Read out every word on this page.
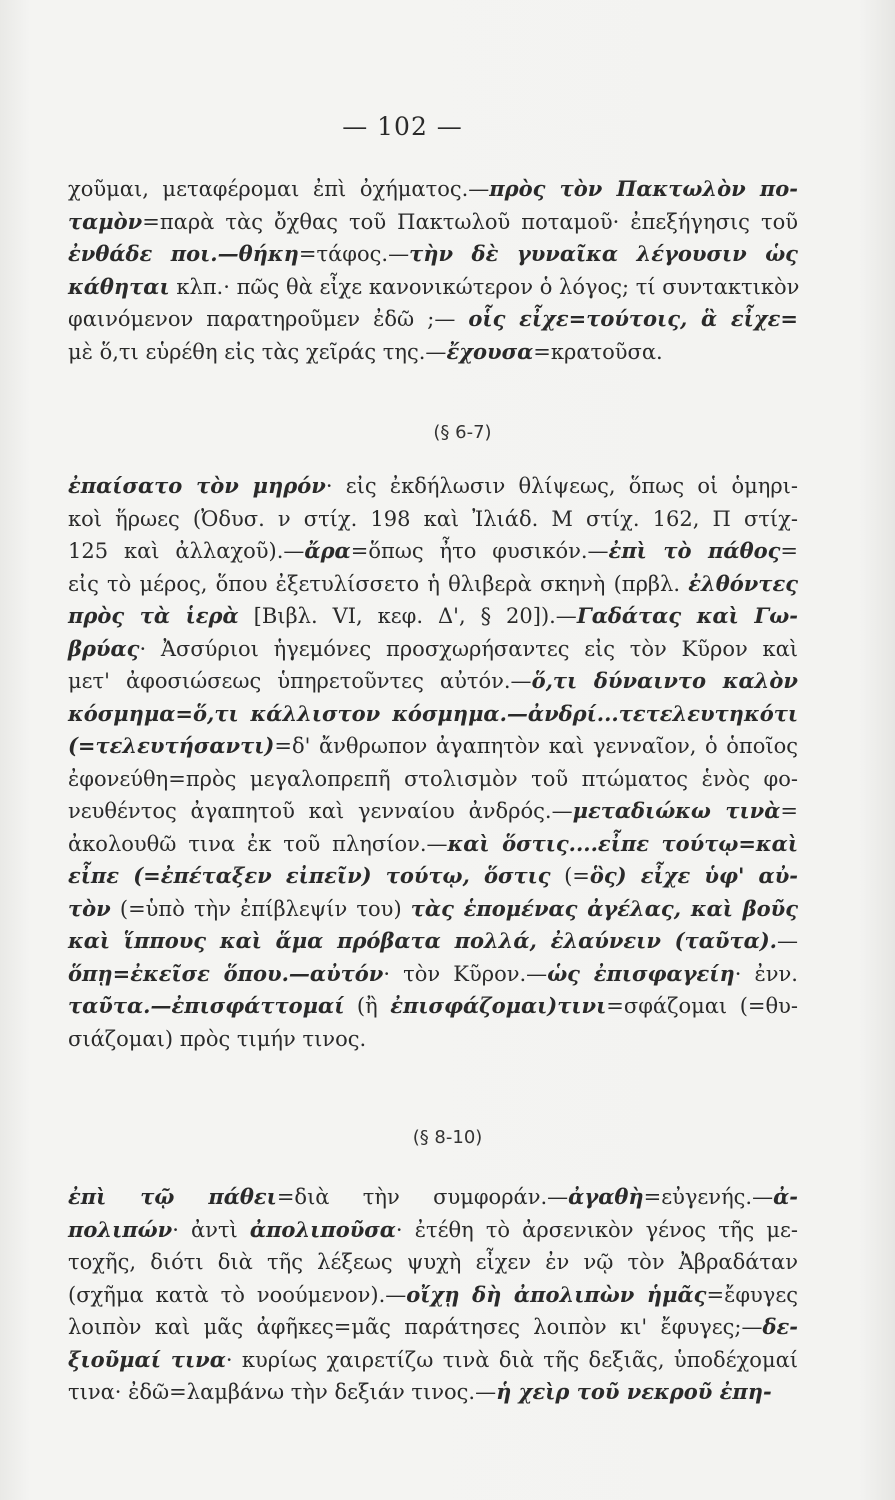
— 102 —
χοῦμαι, μεταφέρομαι ἐπὶ ὀχήματος.—πρὸς τὸν Πακτωλὸν πο-
ταμὸν=παρὰ τὰς ὄχθας τοῦ Πακτωλοῦ ποταμοῦ· ἐπεξήγησις τοῦ
ἐνθάδε ποι.—θήκη=τάφος.—τὴν δὲ γυναῖκα λέγουσιν ὡς
κάθηται κλπ.· πῶς θὰ εἶχε κανονικώτερον ὁ λόγος; τί συντακτικὸν
φαινόμενον παρατηροῦμεν ἐδῶ ;— οἷς εἶχε=τούτοις, ἃ εἶχε=
μὲ ὅ,τι εὑρέθη εἰς τὰς χεῖράς της.—ἔχουσα=κρατοῦσα.
(§ 6-7)
ἐπαίσατο τὸν μηρόν· εἰς ἐκδήλωσιν θλίψεως, ὅπως οἱ ὁμηρι-
κοὶ ἥρωες (Ὀδυσ. ν στίχ. 198 καὶ Ἰλιάδ. Μ στίχ. 162, Π στίχ-
125 καὶ ἀλλαχοῦ).—ἄρα=ὅπως ἦτο φυσικόν.—ἐπὶ τὸ πάθος=
εἰς τὸ μέρος, ὅπου ἐξετυλίσσετο ἡ θλιβερὰ σκηνὴ (πρβλ. ἐλθόντες
πρὸς τὰ ἱερὰ [Βιβλ. VI, κεφ. Δ', § 20]).—Γαδάτας καὶ Γω-
βρύας· Ἀσσύριοι ἡγεμόνες προσχωρήσαντες εἰς τὸν Κῦρον καὶ
μετ' ἀφοσιώσεως ὑπηρετοῦντες αὐτόν.—ὅ,τι δύναιντο καλὸν
κόσμημα=ὅ,τι κάλλιστον κόσμημα.—ἀνδρί...τετελευτηκότι
(=τελευτήσαντι)=δ' ἄνθρωπον ἀγαπητὸν καὶ γενναῖον, ὁ ὁποῖος
ἐφονεύθη=πρὸς μεγαλοπρεπῆ στολισμὸν τοῦ πτώματος ἑνὸς φο-
νευθέντος ἀγαπητοῦ καὶ γενναίου ἀνδρός.—μεταδιώκω τινὰ=
ἀκολουθῶ τινα ἐκ τοῦ πλησίον.—καὶ ὅστις....εἶπε τούτῳ=καὶ
εἶπε (=ἐπέταξεν εἰπεῖν) τούτῳ, ὅστις (=ὃς) εἶχε ὑφ' αὐ-
τὸν (=ὑπὸ τὴν ἐπίβλεψίν του) τὰς ἑπομένας ἀγέλας, καὶ βοῦς
καὶ ἵππους καὶ ἅμα πρόβατα πολλά, ἐλαύνειν (ταῦτα).—
ὅπῃ=ἐκεῖσε ὅπου.—αὐτόν· τὸν Κῦρον.—ὡς ἐπισφαγείη· ἐνν.
ταῦτα.—ἐπισφάττομαί (ἢ ἐπισφάζομαι)τινι=σφάζομαι (=θυ-
σιάζομαι) πρὸς τιμήν τινος.
(§ 8-10)
ἐπὶ τῷ πάθει=διὰ τὴν συμφοράν.—ἀγαθὴ=εὐγενής.—ἀ-
πολιπών· ἀντὶ ἀπολιποῦσα· ἐτέθη τὸ ἀρσενικὸν γένος τῆς με-
τοχῆς, διότι διὰ τῆς λέξεως ψυχὴ εἶχεν ἐν νῷ τὸν Ἀβραδάταν
(σχῆμα κατὰ τὸ νοούμενον).—οἴχῃ δὴ ἀπολιπὼν ἡμᾶς=ἔφυγες
λοιπὸν καὶ μᾶς ἀφῆκες=μᾶς παράτησες λοιπὸν κι' ἔφυγες;—δε-
ξιοῦμαί τινα· κυρίως χαιρετίζω τινὰ διὰ τῆς δεξιᾶς, ὑποδέχομαί
τινα· ἐδῶ=λαμβάνω τὴν δεξιάν τινος.—ἡ χεὶρ τοῦ νεκροῦ ἐπη-
